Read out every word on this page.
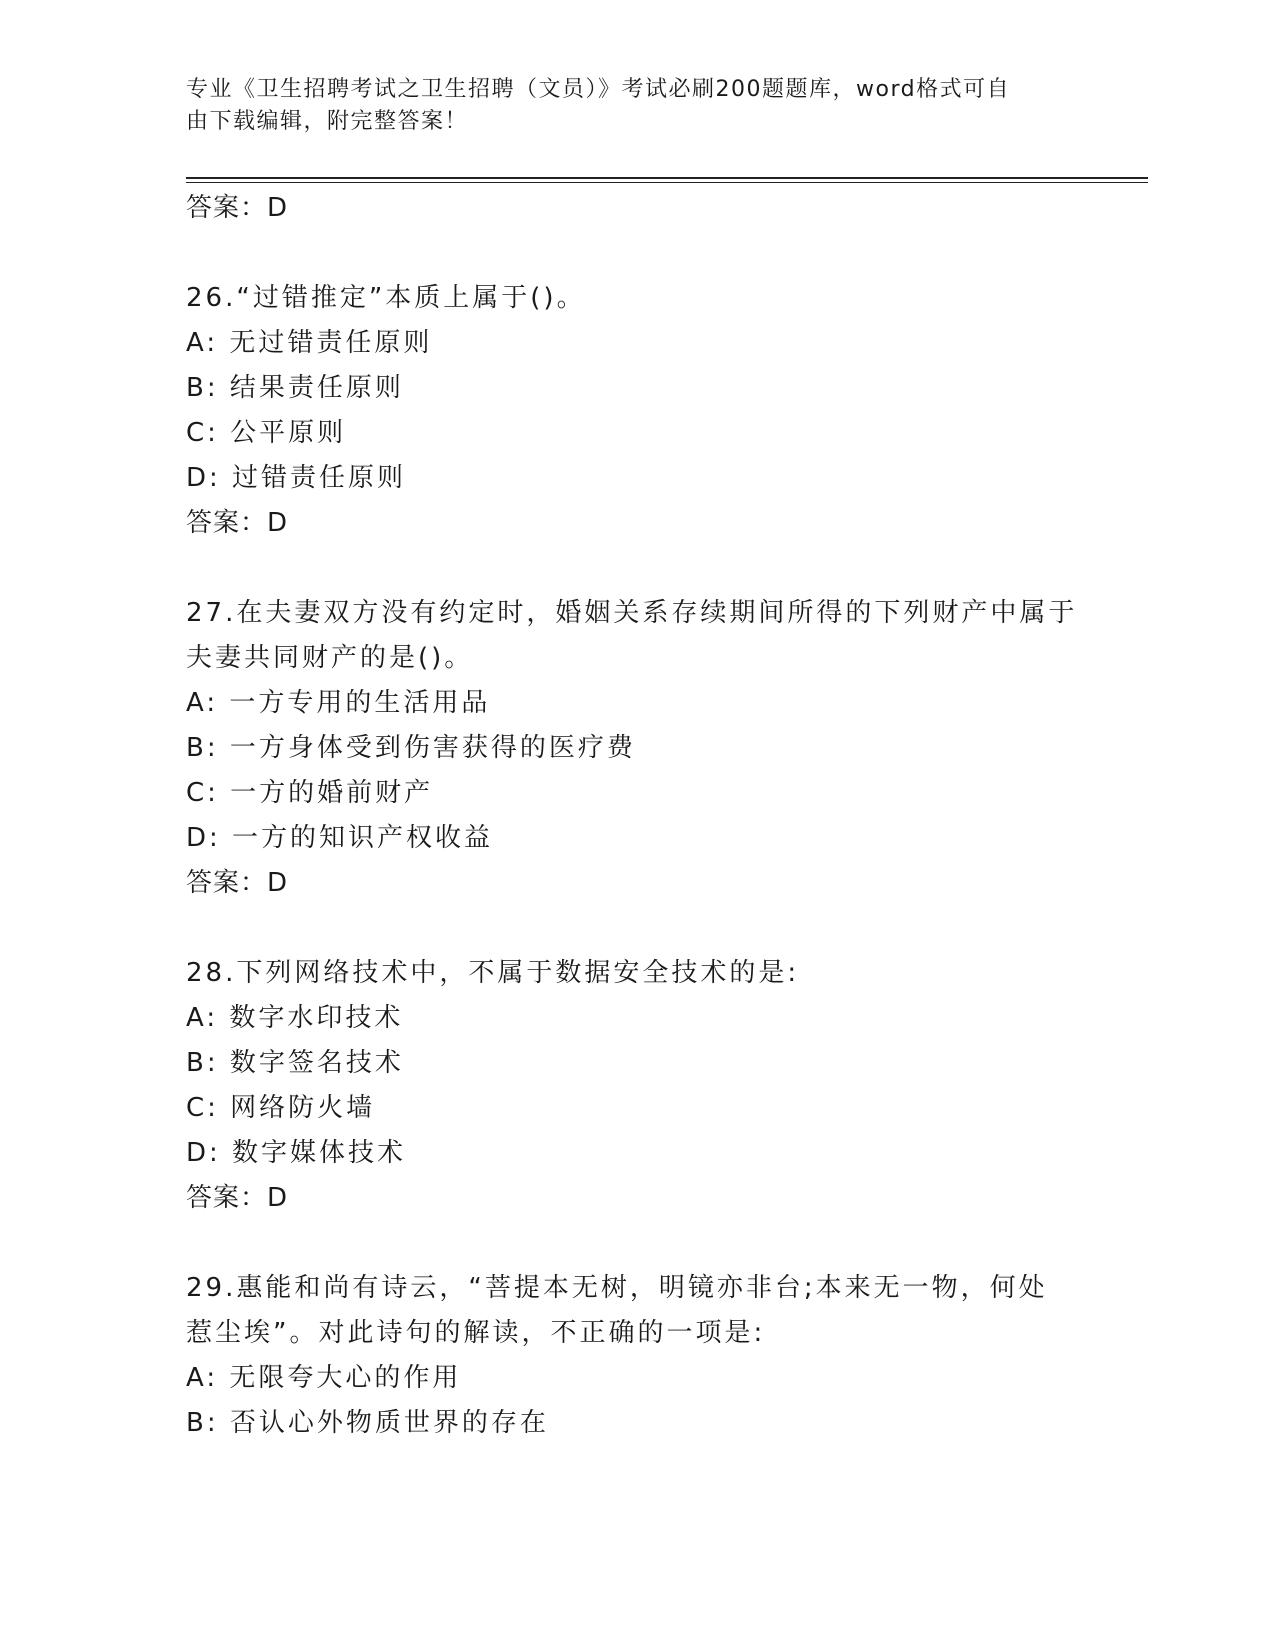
专业《卫生招聘考试之卫生招聘（文员）》考试必刷200题题库，word格式可自
由下载编辑，附完整答案！

答案：D

26.“过错推定”本质上属于()。

A: 无过错责任原则

B: 结果责任原则

C: 公平原则

D: 过错责任原则

答案：D

27.在夫妻双方没有约定时，婚姻关系存续期间所得的下列财产中属于

夫妻共同财产的是()。

A: 一方专用的生活用品

B: 一方身体受到伤害获得的医疗费

C: 一方的婚前财产

D: 一方的知识产权收益

答案：D

28.下列网络技术中，不属于数据安全技术的是:

A: 数字水印技术

B: 数字签名技术

C: 网络防火墙

D: 数字媒体技术

答案：D

29.惠能和尚有诗云，“菩提本无树，明镜亦非台;本来无一物，何处

惹尘埃”。对此诗句的解读，不正确的一项是:

A: 无限夸大心的作用

B: 否认心外物质世界的存在
